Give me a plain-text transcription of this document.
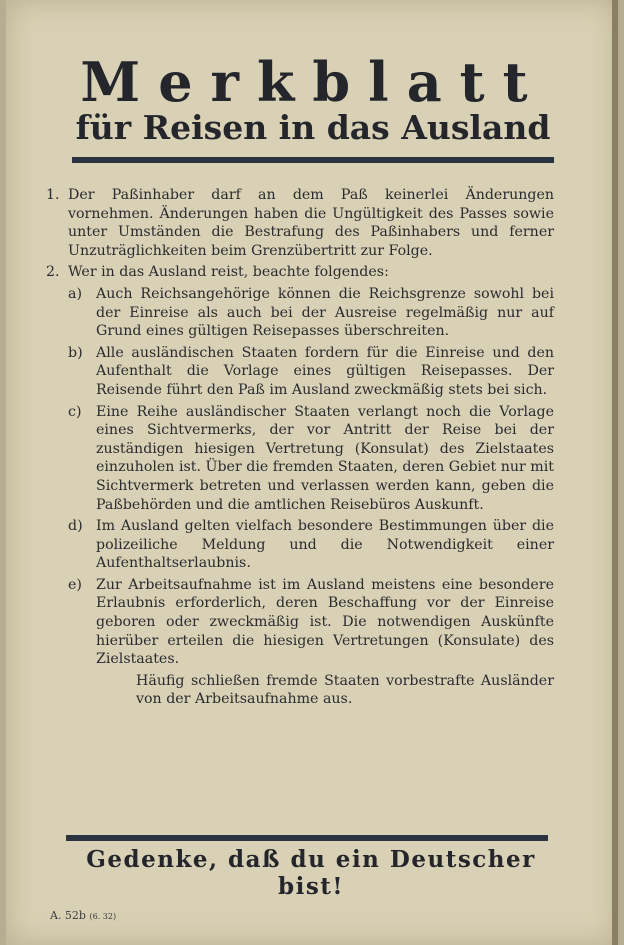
Merkblatt
für Reisen in das Ausland
1. Der Paßinhaber darf an dem Paß keinerlei Änderungen vornehmen. Änderungen haben die Ungültigkeit des Passes sowie unter Umständen die Bestrafung des Paßinhabers und ferner Unzuträglichkeiten beim Grenzübertritt zur Folge.
2. Wer in das Ausland reist, beachte folgendes:
a) Auch Reichsangehörige können die Reichsgrenze sowohl bei der Einreise als auch bei der Ausreise regelmäßig nur auf Grund eines gültigen Reisepasses überschreiten.
b) Alle ausländischen Staaten fordern für die Einreise und den Aufenthalt die Vorlage eines gültigen Reisepasses. Der Reisende führt den Paß im Ausland zweckmäßig stets bei sich.
c) Eine Reihe ausländischer Staaten verlangt noch die Vorlage eines Sichtvermerks, der vor Antritt der Reise bei der zuständigen hiesigen Vertretung (Konsulat) des Zielstaates einzuholen ist. Über die fremden Staaten, deren Gebiet nur mit Sichtvermerk betreten und verlassen werden kann, geben die Paßbehörden und die amtlichen Reisebüros Auskunft.
d) Im Ausland gelten vielfach besondere Bestimmungen über die polizeiliche Meldung und die Notwendigkeit einer Aufenthaltserlaubnis.
e) Zur Arbeitsaufnahme ist im Ausland meistens eine besondere Erlaubnis erforderlich, deren Beschaffung vor der Einreise geboren oder zweckmäßig ist. Die notwendigen Auskünfte hierüber erteilen die hiesigen Vertretungen (Konsulate) des Zielstaates.
Häufig schließen fremde Staaten vorbestrafte Ausländer von der Arbeitsaufnahme aus.
Gedenke, daß du ein Deutscher bist!
A. 52b (6. 32)
